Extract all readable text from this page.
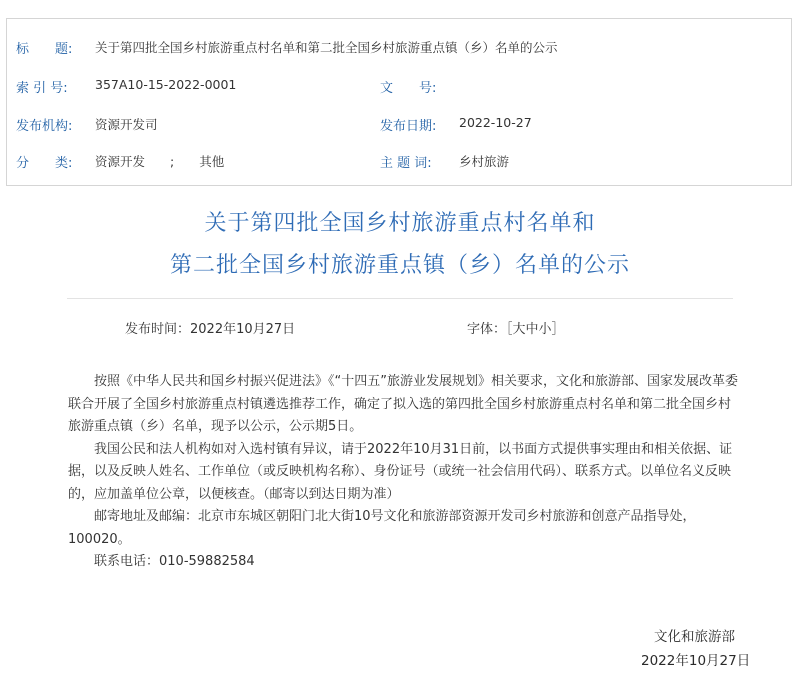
标　　题: 关于第四批全国乡村旅游重点村名单和第二批全国乡村旅游重点镇（乡）名单的公示
索 引 号: 357A10-15-2022-0001	文　　号:
发布机构: 资源开发司	发布日期: 2022-10-27
分　　类: 资源开发　　;　　其他	主 题 词: 乡村旅游
关于第四批全国乡村旅游重点村名单和
第二批全国乡村旅游重点镇（乡）名单的公示
发布时间：2022年10月27日	字体：［大中小］

按照《中华人民共和国乡村振兴促进法》《“十四五”旅游业发展规划》相关要求，文化和旅游部、国家发展改革委联合开展了全国乡村旅游重点村镇遴选推荐工作，确定了拟入选的第四批全国乡村旅游重点村名单和第二批全国乡村旅游重点镇（乡）名单，现予以公示，公示期5日。

我国公民和法人机构如对入选村镇有异议，请于2022年10月31日前，以书面方式提供事实理由和相关依据、证据，以及反映人姓名、工作单位（或反映机构名称）、身份证号（或统一社会信用代码）、联系方式。以单位名义反映的，应加盖单位公章，以便核查。（邮寄以到达日期为准）

邮寄地址及邮编：北京市东城区朝阳门北大街10号文化和旅游部资源开发司乡村旅游和创意产品指导处，100020。

联系电话：010-59882584

文化和旅游部
2022年10月27日
